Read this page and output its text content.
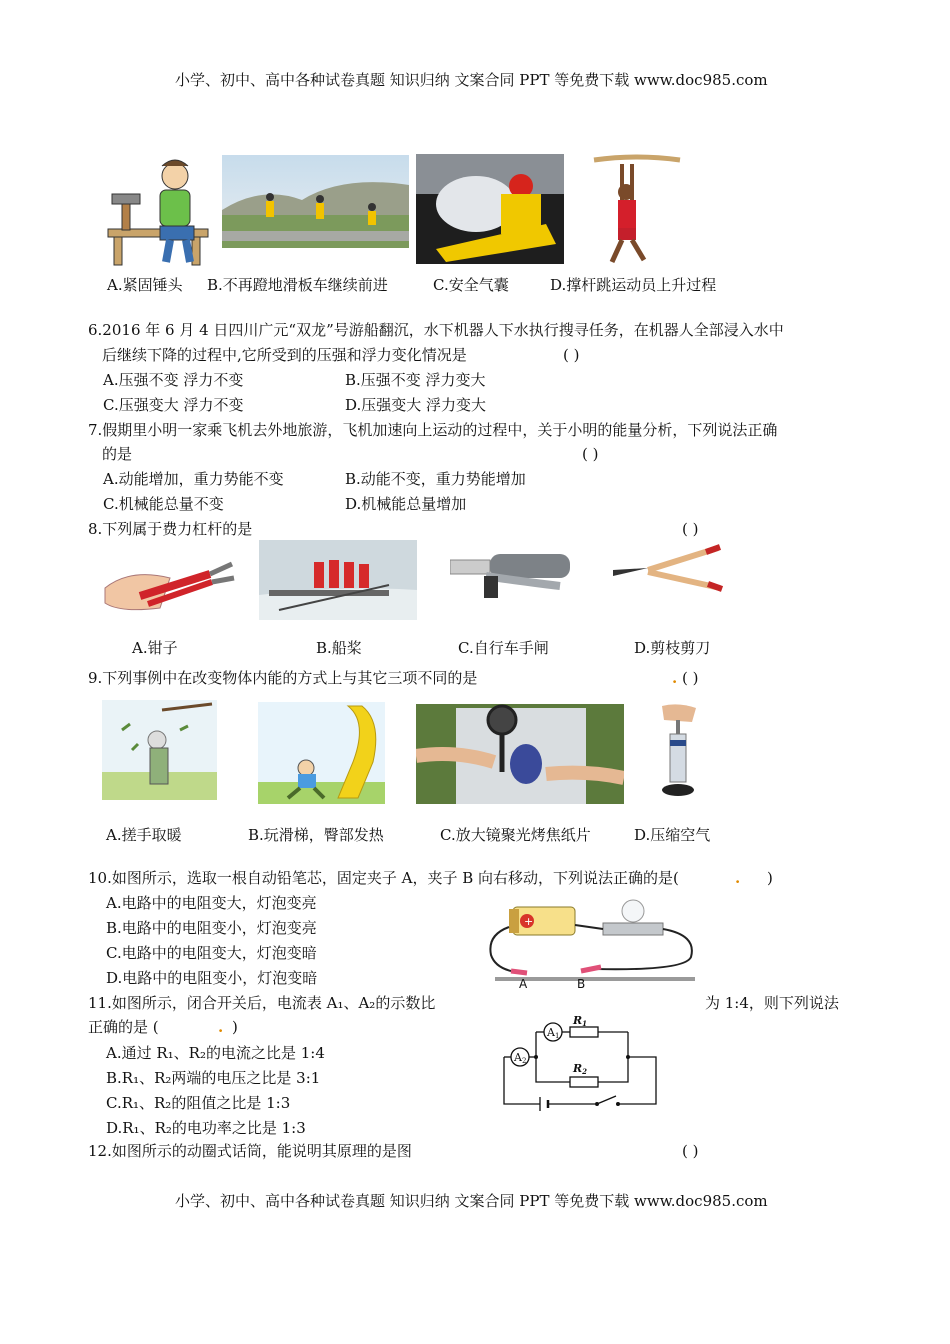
小学、初中、高中各种试卷真题 知识归纳 文案合同 PPT 等免费下载 www.doc985.com
小学、初中、高中各种试卷真题 知识归纳 文案合同 PPT 等免费下载 www.doc985.com
A.紧固锤头 B.不再蹬地滑板车继续前进	C.安全气囊	D.撑杆跳运动员上升过程
6.2016 年 6 月 4 日四川广元“双龙”号游船翻沉，水下机器人下水执行搜寻任务，在机器人全部浸入水中
后继续下降的过程中,它所受到的压强和浮力变化情况是	( )
A.压强不变 浮力不变	B.压强不变 浮力变大
C.压强变大 浮力不变	D.压强变大 浮力变大
7.假期里小明一家乘飞机去外地旅游，飞机加速向上运动的过程中，关于小明的能量分析，下列说法正确
的是	( )
A.动能增加，重力势能不变	B.动能不变，重力势能增加
C.机械能总量不变	D.机械能总量增加
8.下列属于费力杠杆的是	( )
A.钳子	B.船桨	C.自行车手闸	D.剪枝剪刀
9.下列事例中在改变物体内能的方式上与其它三项不同的是	. ( )
A.搓手取暖	B.玩滑梯，臀部发热	C.放大镜聚光烤焦纸片	D.压缩空气
10.如图所示，选取一根自动铅笔芯，固定夹子 A，夹子 B 向右移动，下列说法正确的是(	. )
A.电路中的电阻变大，灯泡变亮
B.电路中的电阻变小，灯泡变亮
C.电路中的电阻变大，灯泡变暗
D.电路中的电阻变小，灯泡变暗
+
A	B
11.如图所示，闭合开关后，电流表 A₁、A₂的示数比	为 1:4，则下列说法
正确的是 (	. )
A.通过 R₁、R₂的电流之比是 1:4
B.R₁、R₂两端的电压之比是 3:1
C.R₁、R₂的阻值之比是 1:3
D.R₁、R₂的电功率之比是 1:3
A2
A1
R1
R2
12.如图所示的动圈式话筒，能说明其原理的是图	( )
